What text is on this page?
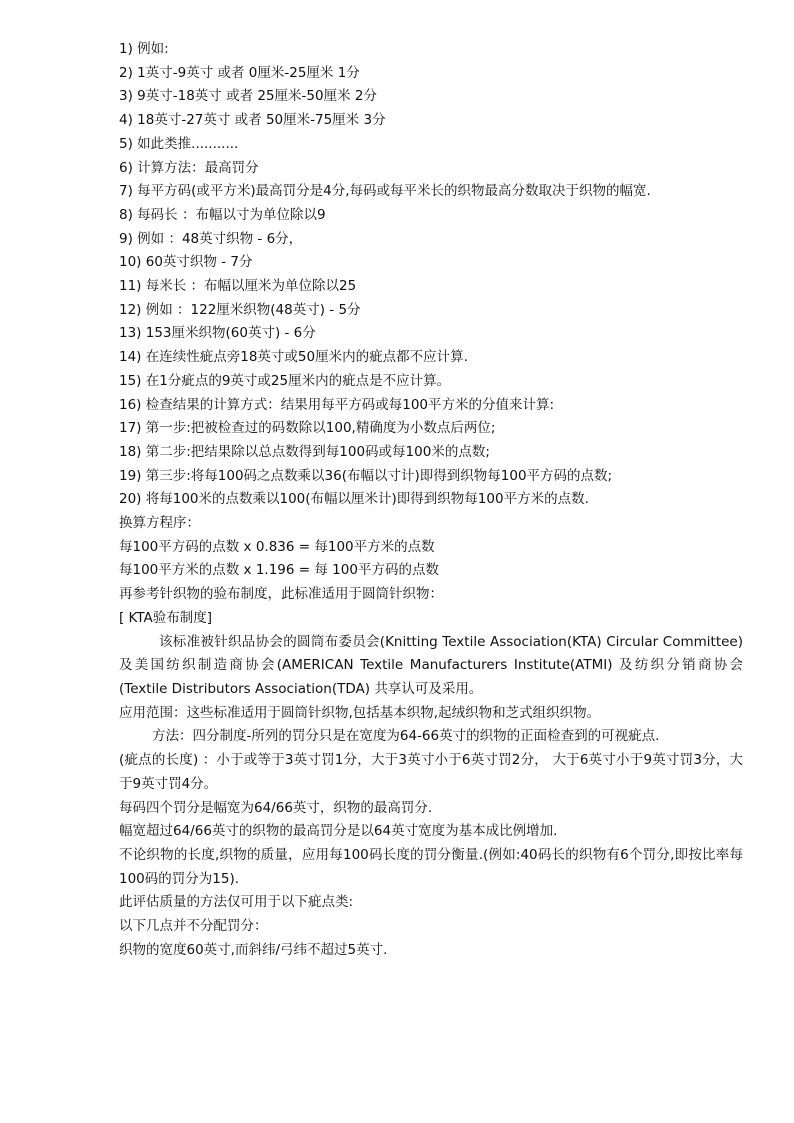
1) 例如:
2) 1英寸-9英寸 或者 0厘米-25厘米 1分
3) 9英寸-18英寸 或者 25厘米-50厘米 2分
4) 18英寸-27英寸 或者 50厘米-75厘米 3分
5) 如此类推...........
6) 计算方法：最高罚分
7) 每平方码(或平方米)最高罚分是4分,每码或每平米长的织物最高分数取决于织物的幅宽.
8) 每码长 ：布幅以寸为单位除以9
9) 例如 ：48英寸织物 - 6分，
10) 60英寸织物 - 7分
11) 每米长 ：布幅以厘米为单位除以25
12) 例如 ：122厘米织物(48英寸) - 5分
13) 153厘米织物(60英寸) - 6分
14) 在连续性疵点旁18英寸或50厘米内的疵点都不应计算.
15) 在1分疵点的9英寸或25厘米内的疵点是不应计算。
16) 检查结果的计算方式：结果用每平方码或每100平方米的分值来计算:
17) 第一步:把被检查过的码数除以100,精确度为小数点后两位;
18) 第二步:把结果除以总点数得到每100码或每100米的点数;
19) 第三步:将每100码之点数乘以36(布幅以寸计)即得到织物每100平方码的点数;
20) 将每100米的点数乘以100(布幅以厘米计)即得到织物每100平方米的点数.
换算方程序：
每100平方码的点数 x 0.836 = 每100平方米的点数
每100平方米的点数 x 1.196 = 每 100平方码的点数
再参考针织物的验布制度，此标准适用于圆筒针织物：
[ KTA验布制度]
该标准被针织品协会的圆筒布委员会(Knitting Textile Association(KTA) Circular Committee) 及美国纺织制造商协会(AMERICAN Textile Manufacturers Institute(ATMI) 及纺织分销商协会(Textile Distributors Association(TDA) 共享认可及采用。
应用范围：这些标准适用于圆筒针织物,包括基本织物,起绒织物和芝式组织织物。
方法：四分制度-所列的罚分只是在宽度为64-66英寸的织物的正面检查到的可视疵点.
(疵点的长度) ：小于或等于3英寸罚1分，大于3英寸小于6英寸罚2分， 大于6英寸小于9英寸罚3分，大于9英寸罚4分。
每码四个罚分是幅宽为64/66英寸，织物的最高罚分.
幅宽超过64/66英寸的织物的最高罚分是以64英寸宽度为基本成比例增加.
不论织物的长度,织物的质量，应用每100码长度的罚分衡量.(例如:40码长的织物有6个罚分,即按比率每100码的罚分为15).
此评估质量的方法仅可用于以下疵点类:
以下几点并不分配罚分：
织物的宽度60英寸,而斜纬/弓纬不超过5英寸.
